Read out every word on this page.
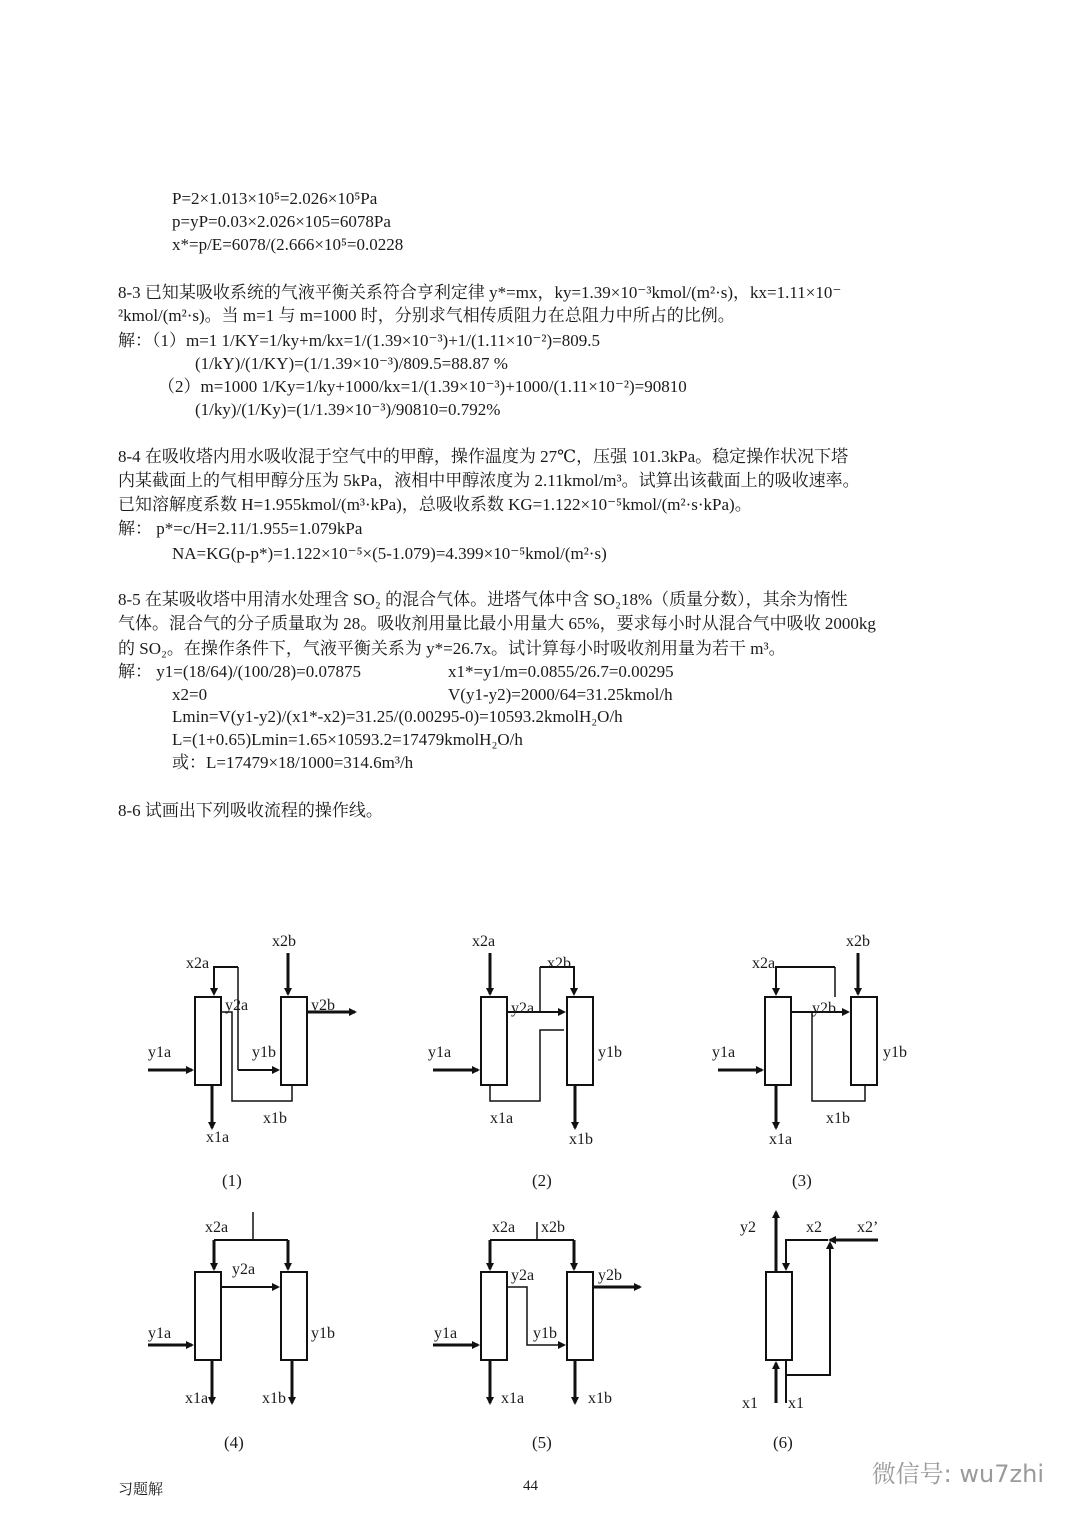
P=2×1.013×10⁵=2.026×10⁵Pa
p=yP=0.03×2.026×105=6078Pa
x*=p/E=6078/(2.666×10⁵=0.0228
8-3 已知某吸收系统的气液平衡关系符合亨利定律 y*=mx，ky=1.39×10⁻³kmol/(m²·s)，kx=1.11×10⁻
²kmol/(m²·s)。当 m=1 与 m=1000 时，分别求气相传质阻力在总阻力中所占的比例。
解：（1）m=1 1/KY=1/ky+m/kx=1/(1.39×10⁻³)+1/(1.11×10⁻²)=809.5
(1/kY)/(1/KY)=(1/1.39×10⁻³)/809.5=88.87 %
（2）m=1000 1/Ky=1/ky+1000/kx=1/(1.39×10⁻³)+1000/(1.11×10⁻²)=90810
(1/ky)/(1/Ky)=(1/1.39×10⁻³)/90810=0.792%
8-4 在吸收塔内用水吸收混于空气中的甲醇，操作温度为 27℃，压强 101.3kPa。稳定操作状况下塔
内某截面上的气相甲醇分压为 5kPa，液相中甲醇浓度为 2.11kmol/m³。试算出该截面上的吸收速率。
已知溶解度系数 H=1.955kmol/(m³·kPa)，总吸收系数 KG=1.122×10⁻⁵kmol/(m²·s·kPa)。
解： p*=c/H=2.11/1.955=1.079kPa
NA=KG(p-p*)=1.122×10⁻⁵×(5-1.079)=4.399×10⁻⁵kmol/(m²·s)
8-5 在某吸收塔中用清水处理含 SO₂ 的混合气体。进塔气体中含 SO₂18%（质量分数），其余为惰性
气体。混合气的分子质量取为 28。吸收剂用量比最小用量大 65%，要求每小时从混合气中吸收 2000kg
的 SO₂。在操作条件下，气液平衡关系为 y*=26.7x。试计算每小时吸收剂用量为若干 m³。
解： y1=(18/64)/(100/28)=0.07875	x1*=y1/m=0.0855/26.7=0.00295
x2=0	V(y1-y2)=2000/64=31.25kmol/h
Lmin=V(y1-y2)/(x1*-x2)=31.25/(0.00295-0)=10593.2kmolH₂O/h
L=(1+0.65)Lmin=1.65×10593.2=17479kmolH₂O/h
或：L=17479×18/1000=314.6m³/h
8-6 试画出下列吸收流程的操作线。
x2a
x2b
y2a	y2b
y1a	y1b
x1a
x1b
(1)
x2a
x2b
y2a
y1a	y1b
x1a
x1b
(2)
x2a
x2b
y2b
y1a	y1b
x1a
x1b
(3)
x2a
y2a
y1a	y1b
x1a	x1b
(4)
x2a x2b
y2a	y2b
y1a	y1b
x1a	x1b
(5)
y2	x2 x2’
x1 x1
(6)
习题解	44	微信号: wu7zhi
